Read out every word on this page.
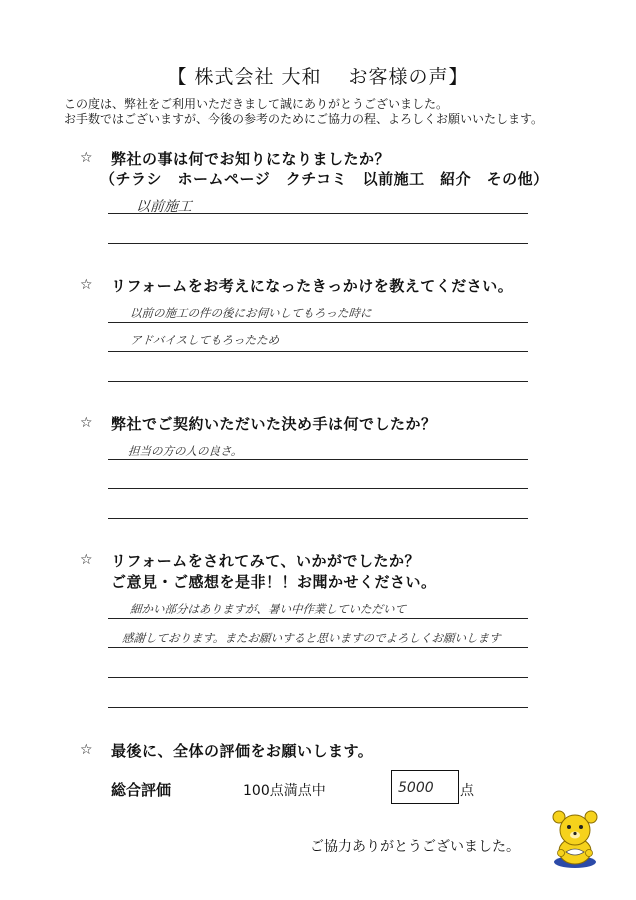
【 株式会社 大和　 お客様の声】
この度は、弊社をご利用いただきまして誠にありがとうございました。
お手数ではございますが、今後の参考のためにご協力の程、よろしくお願いいたします。
☆ 弊社の事は何でお知りになりましたか？
（チラシ　ホームページ　クチコミ　以前施工　紹介　その他）
以前施工
☆ リフォームをお考えになったきっかけを教えてください。
以前の施工の件の後にお伺いしてもろった時に
アドバイスしてもろったため
☆ 弊社でご契約いただいた決め手は何でしたか？
担当の方の人の良さ。
☆ リフォームをされてみて、いかがでしたか？
ご意見・ご感想を是非！！お聞かせください。
細かい部分はありますが、暑い中作業していただいて
感謝しております。またお願いすると思いますのでよろしくお願いします
☆ 最後に、全体の評価をお願いします。
総合評価	100点満点中	5000 点
ご協力ありがとうございました。
